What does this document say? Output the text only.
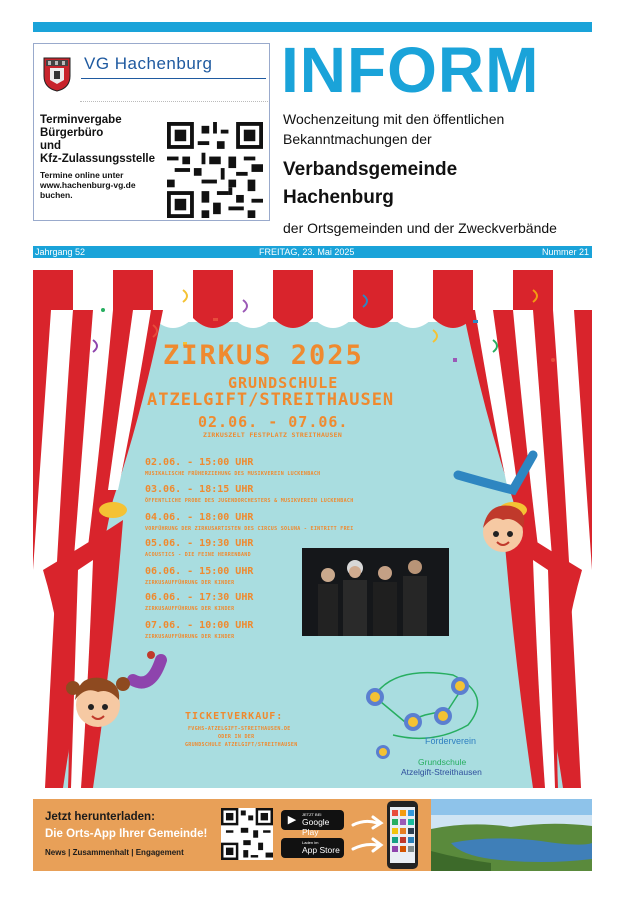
VG Hachenburg
Terminvergabe
Bürgerbüro
und
Kfz-Zulassungsstelle
Termine online unter
www.hachenburg-vg.de
buchen.
INFORM
Wochenzeitung mit den öffentlichen
Bekanntmachungen der
Verbandsgemeinde
Hachenburg
der Ortsgemeinden und der Zweckverbände
Jahrgang 52	FREITAG, 23. Mai 2025	Nummer 21
ZIRKUS 2025
GRUNDSCHULE
ATZELGIFT/STREITHAUSEN
02.06. - 07.06.
ZIRKUSZELT FESTPLATZ STREITHAUSEN
02.06. - 15:00 UHR
MUSIKALISCHE FRÜHERZIEHUNG DES MUSIKVEREIN LUCKENBACH
03.06. - 18:15 UHR
ÖFFENTLICHE PROBE DES JUGENDORCHESTERS & MUSIKVEREIN LUCKENBACH
04.06. - 18:00 UHR
VORFÜHRUNG DER ZIRKUSARTISTEN DES CIRCUS SOLUNA - EINTRITT FREI
05.06. - 19:30 UHR
ACOUSTICS - DIE FEINE HERRENBAND
06.06. - 15:00 UHR
ZIRKUSAUFFÜHRUNG DER KINDER
06.06. - 17:30 UHR
ZIRKUSAUFFÜHRUNG DER KINDER
07.06. - 10:00 UHR
ZIRKUSAUFFÜHRUNG DER KINDER
TICKETVERKAUF:
FVGHS-ATZELGIFT-STREITHAUSEN.DE
ODER IN DER
GRUNDSCHULE ATZELGIFT/STREITHAUSEN	Förderverein
Grundschule
Atzelgift-Streithausen
Jetzt herunterladen:
Die Orts-App Ihrer Gemeinde!
News | Zusammenhalt | Engagement
▶	JETZT BEI
Google Play
Laden im
App Store
